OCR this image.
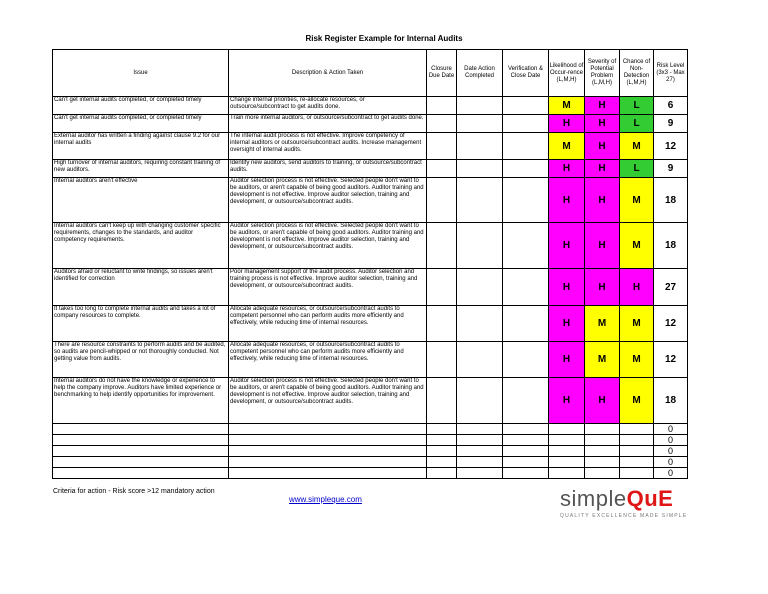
Risk Register Example for Internal Audits
Issue	Description & Action Taken	Closure Due Date	Date Action Completed	Verification & Close Date	Likelihood of Occur-rence (L,M,H)	Severity of Potential Problem (L,M,H)	Chance of Non-Detection (L,M,H)	Risk Level (3x3 - Max 27)
Can't get internal audits completed, or completed timely	Change internal priorities, re-allocate resources, or outsource/subcontract to get audits done.				M	H	L	6
Can't get internal audits completed, or completed timely	Train more internal auditors, or outsource/subcontract to get audits done.				H	H	L	9
External auditor has written a finding against clause 9.2 for our internal audits	The internal audit process is not effective. Improve competency of internal auditors or outsource/subcontract audits. Increase management oversight of internal audits.				M	H	M	12
High turnover of internal auditors, requiring constant training of new auditors.	Identify new auditors, send auditors to training, or outsource/subcontract audits.				H	H	L	9
Internal auditors aren't effective	Auditor selection process is not effective. Selected people don't want to be auditors, or aren't capable of being good auditors. Auditor training and development is not effective. Improve auditor selection, training and development, or outsource/subcontract audits.				H	H	M	18
Internal auditors can't keep up with changing customer specific requirements, changes to the standards, and auditor competency requirements.	Auditor selection process is not effective. Selected people don't want to be auditors, or aren't capable of being good auditors. Auditor training and development is not effective. Improve auditor selection, training and development, or outsource/subcontract audits.				H	H	M	18
Auditors afraid or reluctant to write findings, so issues aren't identified for correction	Poor management support of the audit process. Auditor selection and training process is not effective. Improve auditor selection, training and development, or outsource/subcontract audits.				H	H	H	27
It takes too long to complete internal audits and takes a lot of company resources to complete.	Allocate adequate resources, or outsource/subcontract audits to competent personnel who can perform audits more efficiently and effectively, while reducing time of internal resources.				H	M	M	12
There are resource constraints to perform audits and be audited, so audits are pencil-whipped or not thoroughly conducted. Not getting value from audits.	Allocate adequate resources, or outsource/subcontract audits to competent personnel who can perform audits more efficiently and effectively, while reducing time of internal resources.				H	M	M	12
Internal auditors do not have the knowledge or experience to help the company improve. Auditors have limited experience or benchmarking to help identify opportunities for improvement.	Auditor selection process is not effective. Selected people don't want to be auditors, or aren't capable of being good auditors. Auditor training and development is not effective. Improve auditor selection, training and development, or outsource/subcontract audits.				H	H	M	18
								0
								0
								0
								0
								0
Criteria for action - Risk score >12 mandatory action
www.simpleque.com	simpleQuE
QUALITY EXCELLENCE MADE SIMPLE
